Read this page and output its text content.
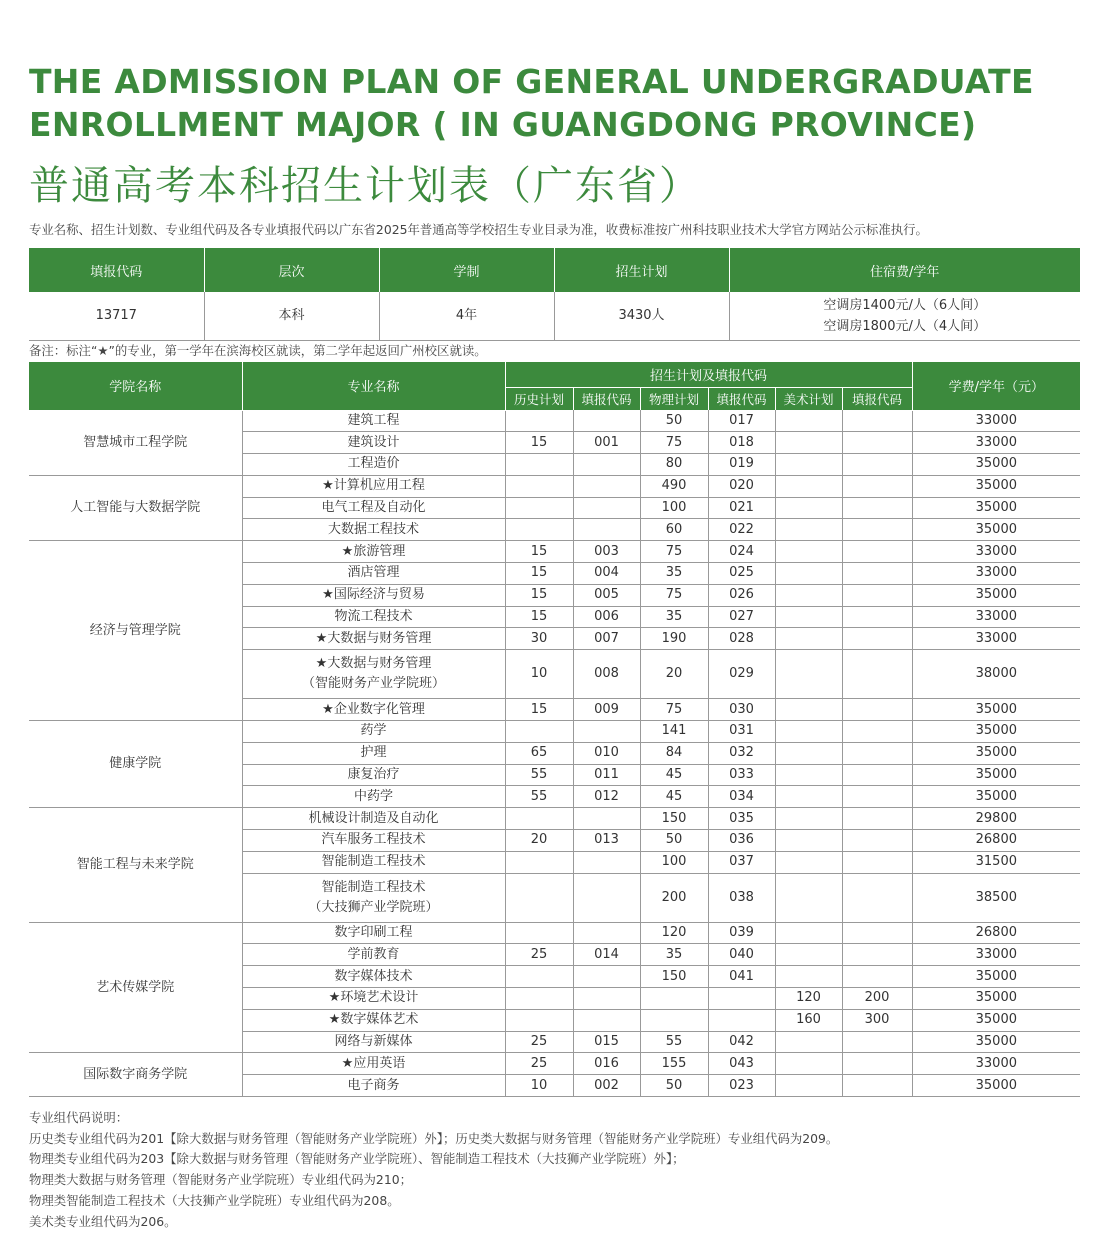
THE ADMISSION PLAN OF GENERAL UNDERGRADUATE
ENROLLMENT MAJOR ( IN GUANGDONG PROVINCE)
普通高考本科招生计划表（广东省）
专业名称、招生计划数、专业组代码及各专业填报代码以广东省2025年普通高等学校招生专业目录为准，收费标准按广州科技职业技术大学官方网站公示标准执行。
填报代码	层次	学制	招生计划	住宿费/学年
13717	本科	4年	3430人	空调房1400元/人（6人间）
空调房1800元/人（4人间）
备注：标注“★”的专业，第一学年在滨海校区就读，第二学年起返回广州校区就读。
学院名称	专业名称	招生计划及填报代码						学费/学年（元）
		历史计划	填报代码	物理计划	填报代码	美术计划	填报代码	
智慧城市工程学院	建筑工程			50	017			33000

	建筑设计	15	001	75	018			33000

	工程造价			80	019			35000
人工智能与大数据学院	★计算机应用工程			490	020			35000

	电气工程及自动化			100	021			35000

	大数据工程技术			60	022			35000
经济与管理学院	★旅游管理	15	003	75	024			33000

	酒店管理	15	004	35	025			33000

	★国际经济与贸易	15	005	75	026			35000

	物流工程技术	15	006	35	027			33000

	★大数据与财务管理	30	007	190	028			33000

	★大数据与财务管理
（智能财务产业学院班）	10	008	20	029			38000

	★企业数字化管理	15	009	75	030			35000
健康学院	药学			141	031			35000

	护理	65	010	84	032			35000

	康复治疗	55	011	45	033			35000

	中药学	55	012	45	034			35000
智能工程与未来学院	机械设计制造及自动化			150	035			29800

	汽车服务工程技术	20	013	50	036			26800

	智能制造工程技术			100	037			31500

	智能制造工程技术
（大技狮产业学院班）			200	038			38500
艺术传媒学院	数字印刷工程			120	039			26800

	学前教育	25	014	35	040			33000

	数字媒体技术			150	041			35000

	★环境艺术设计					120	200	35000

	★数字媒体艺术					160	300	35000

	网络与新媒体	25	015	55	042			35000
国际数字商务学院	★应用英语	25	016	155	043			33000

	电子商务	10	002	50	023			35000
专业组代码说明：
历史类专业组代码为201【除大数据与财务管理（智能财务产业学院班）外】；历史类大数据与财务管理（智能财务产业学院班）专业组代码为209。
物理类专业组代码为203【除大数据与财务管理（智能财务产业学院班）、智能制造工程技术（大技狮产业学院班）外】；
物理类大数据与财务管理（智能财务产业学院班）专业组代码为210；
物理类智能制造工程技术（大技狮产业学院班）专业组代码为208。
美术类专业组代码为206。
